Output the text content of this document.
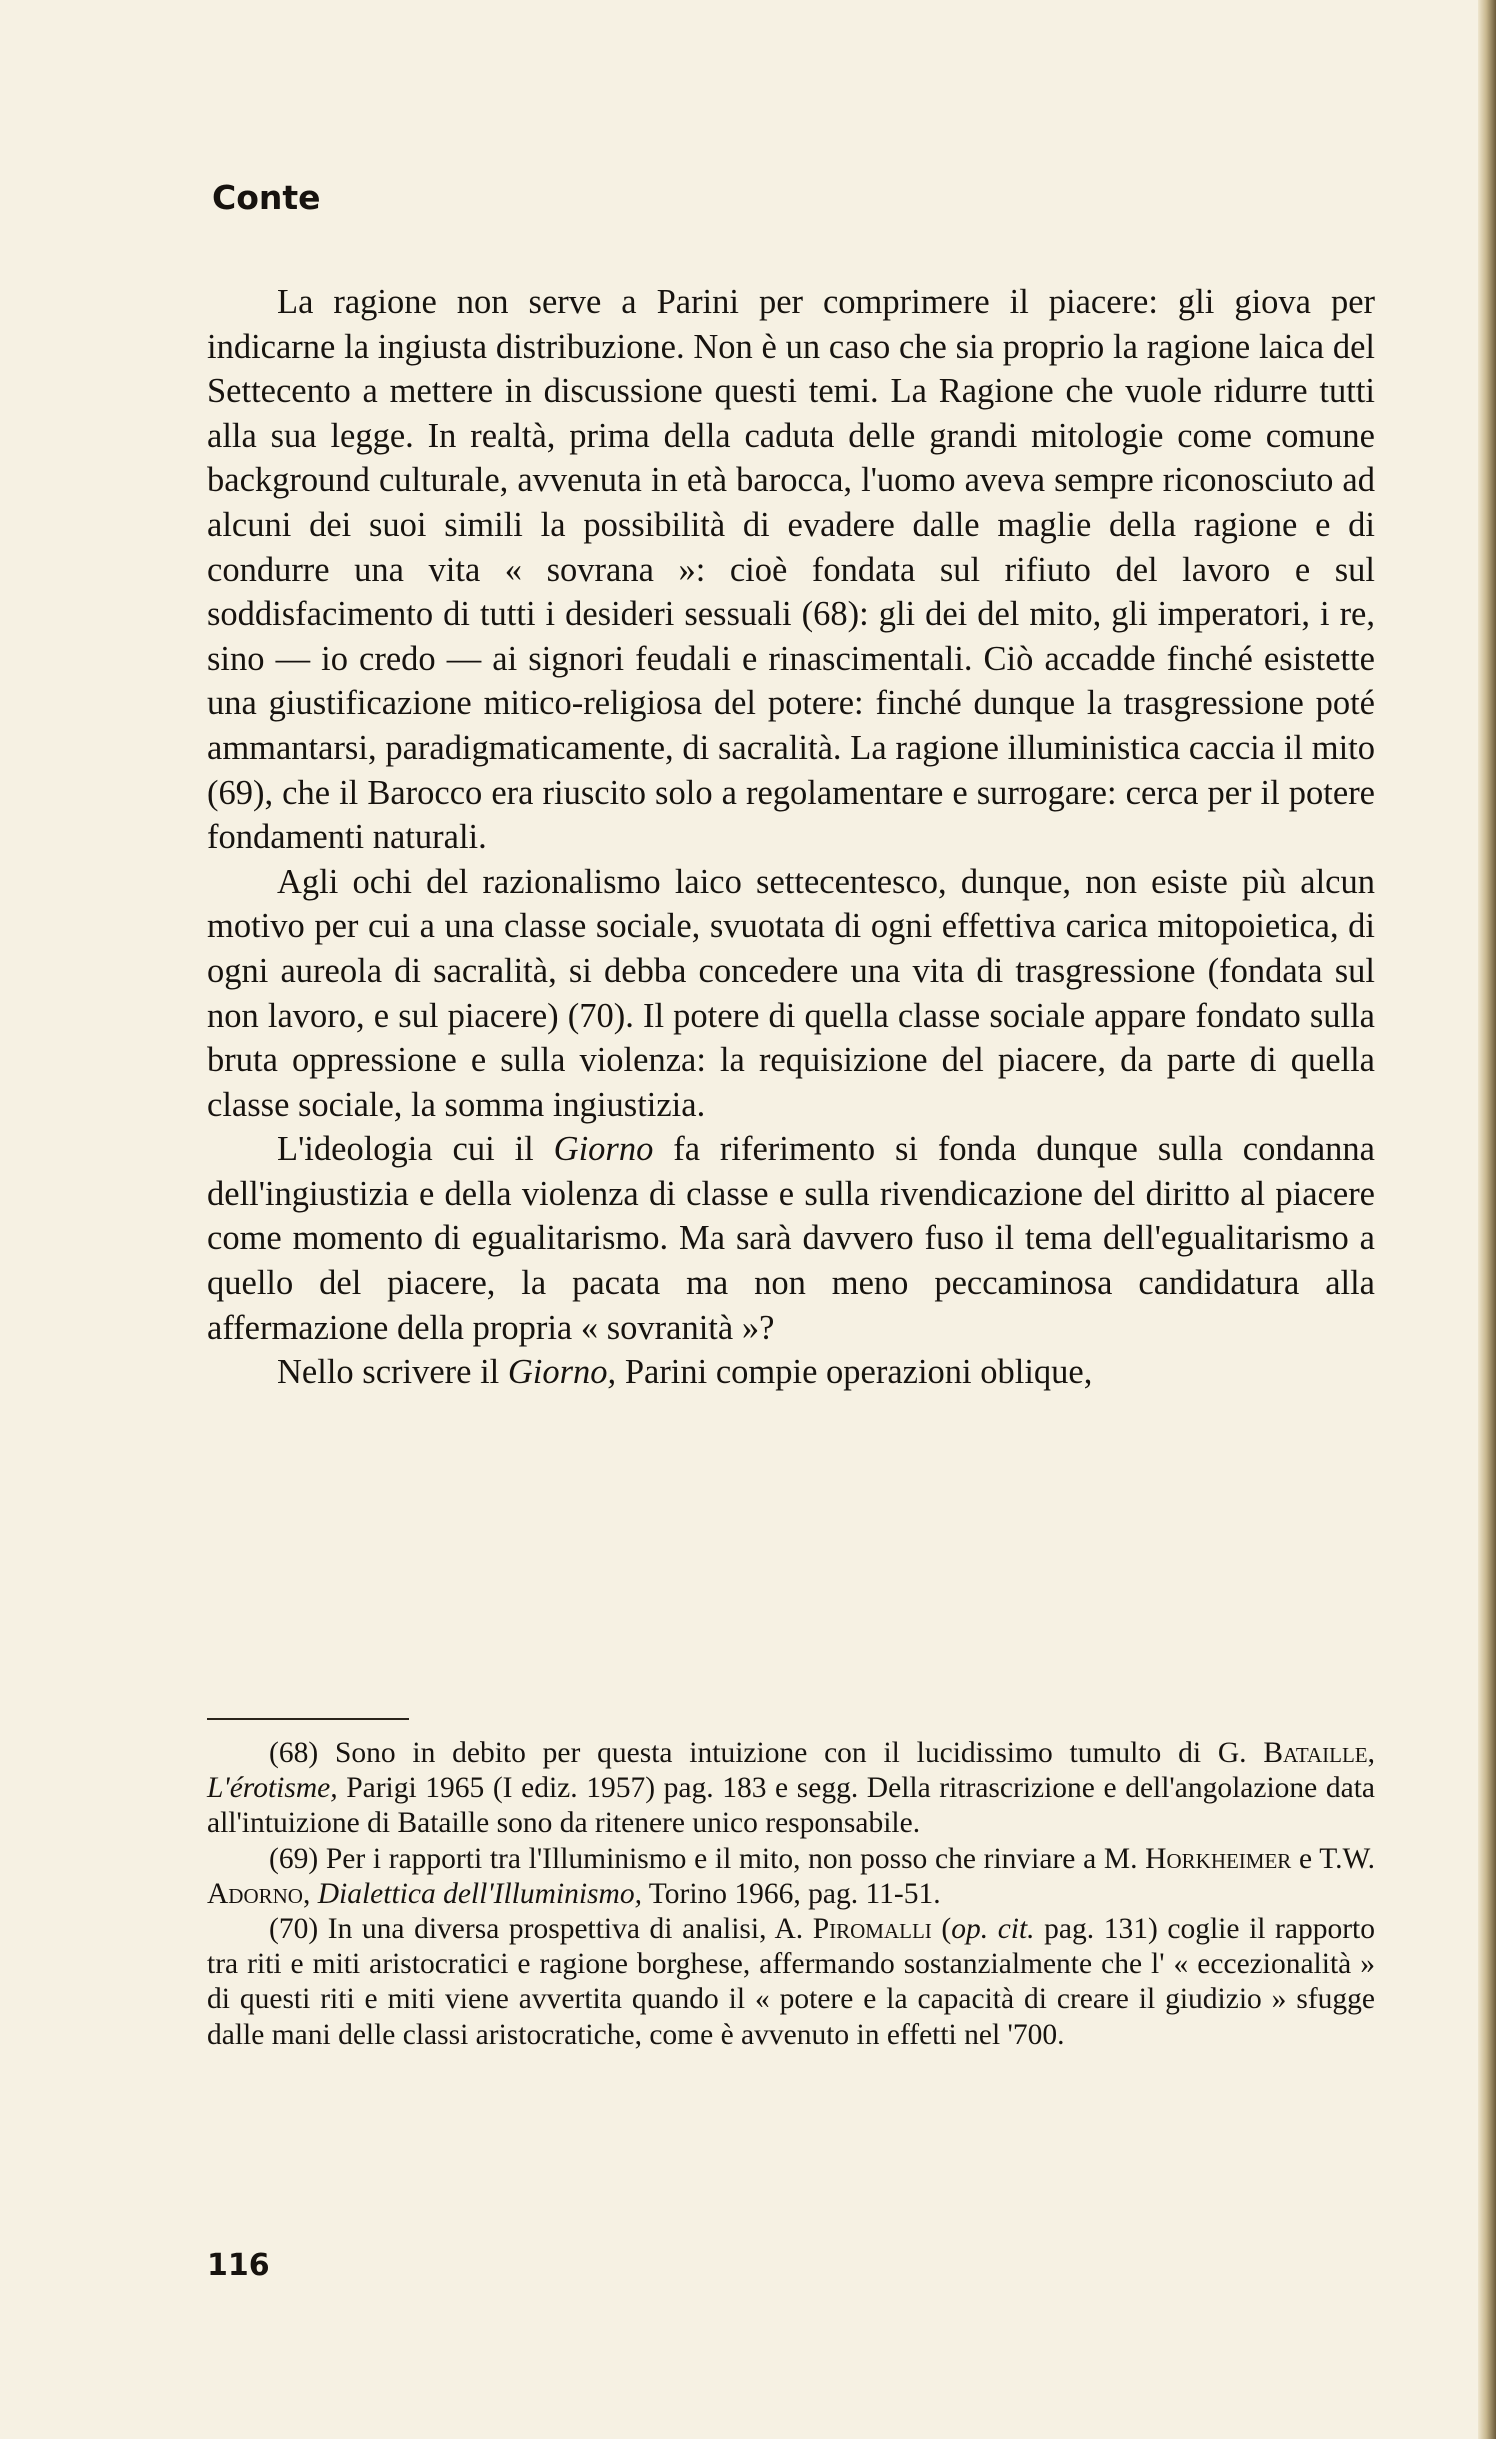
Conte

La ragione non serve a Parini per comprimere il piacere: gli giova per indicarne la ingiusta distribuzione. Non è un caso che sia proprio la ragione laica del Settecento a mettere in discussione questi temi. La Ragione che vuole ridurre tutti alla sua legge. In realtà, prima della caduta delle grandi mitologie come comune background culturale, avvenuta in età barocca, l'uomo aveva sempre riconosciuto ad alcuni dei suoi simili la possibilità di evadere dalle maglie della ragione e di condurre una vita « sovrana »: cioè fondata sul rifiuto del lavoro e sul soddisfacimento di tutti i desideri sessuali (68): gli dei del mito, gli imperatori, i re, sino — io credo — ai signori feudali e rinascimentali. Ciò accadde finché esistette una giustificazione mitico-religiosa del potere: finché dunque la trasgressione poté ammantarsi, paradigmaticamente, di sacralità. La ragione illuministica caccia il mito (69), che il Barocco era riuscito solo a regolamentare e surrogare: cerca per il potere fondamenti naturali.

Agli ochi del razionalismo laico settecentesco, dunque, non esiste più alcun motivo per cui a una classe sociale, svuotata di ogni effettiva carica mitopoietica, di ogni aureola di sacralità, si debba concedere una vita di trasgressione (fondata sul non lavoro, e sul piacere) (70). Il potere di quella classe sociale appare fondato sulla bruta oppressione e sulla violenza: la requisizione del piacere, da parte di quella classe sociale, la somma ingiustizia.

L'ideologia cui il Giorno fa riferimento si fonda dunque sulla condanna dell'ingiustizia e della violenza di classe e sulla rivendicazione del diritto al piacere come momento di egualitarismo. Ma sarà davvero fuso il tema dell'egualitarismo a quello del piacere, la pacata ma non meno peccaminosa candidatura alla affermazione della propria « sovranità »?

Nello scrivere il Giorno, Parini compie operazioni oblique,

(68) Sono in debito per questa intuizione con il lucidissimo tumulto di G. Bataille, L'érotisme, Parigi 1965 (I ediz. 1957) pag. 183 e segg. Della ritrascrizione e dell'angolazione data all'intuizione di Bataille sono da ritenere unico responsabile.

(69) Per i rapporti tra l'Illuminismo e il mito, non posso che rinviare a M. Horkheimer e T.W. Adorno, Dialettica dell'Illuminismo, Torino 1966, pag. 11-51.

(70) In una diversa prospettiva di analisi, A. Piromalli (op. cit. pag. 131) coglie il rapporto tra riti e miti aristocratici e ragione borghese, affermando sostanzialmente che l' « eccezionalità » di questi riti e miti viene avvertita quando il « potere e la capacità di creare il giudizio » sfugge dalle mani delle classi aristocratiche, come è avvenuto in effetti nel '700.

116
